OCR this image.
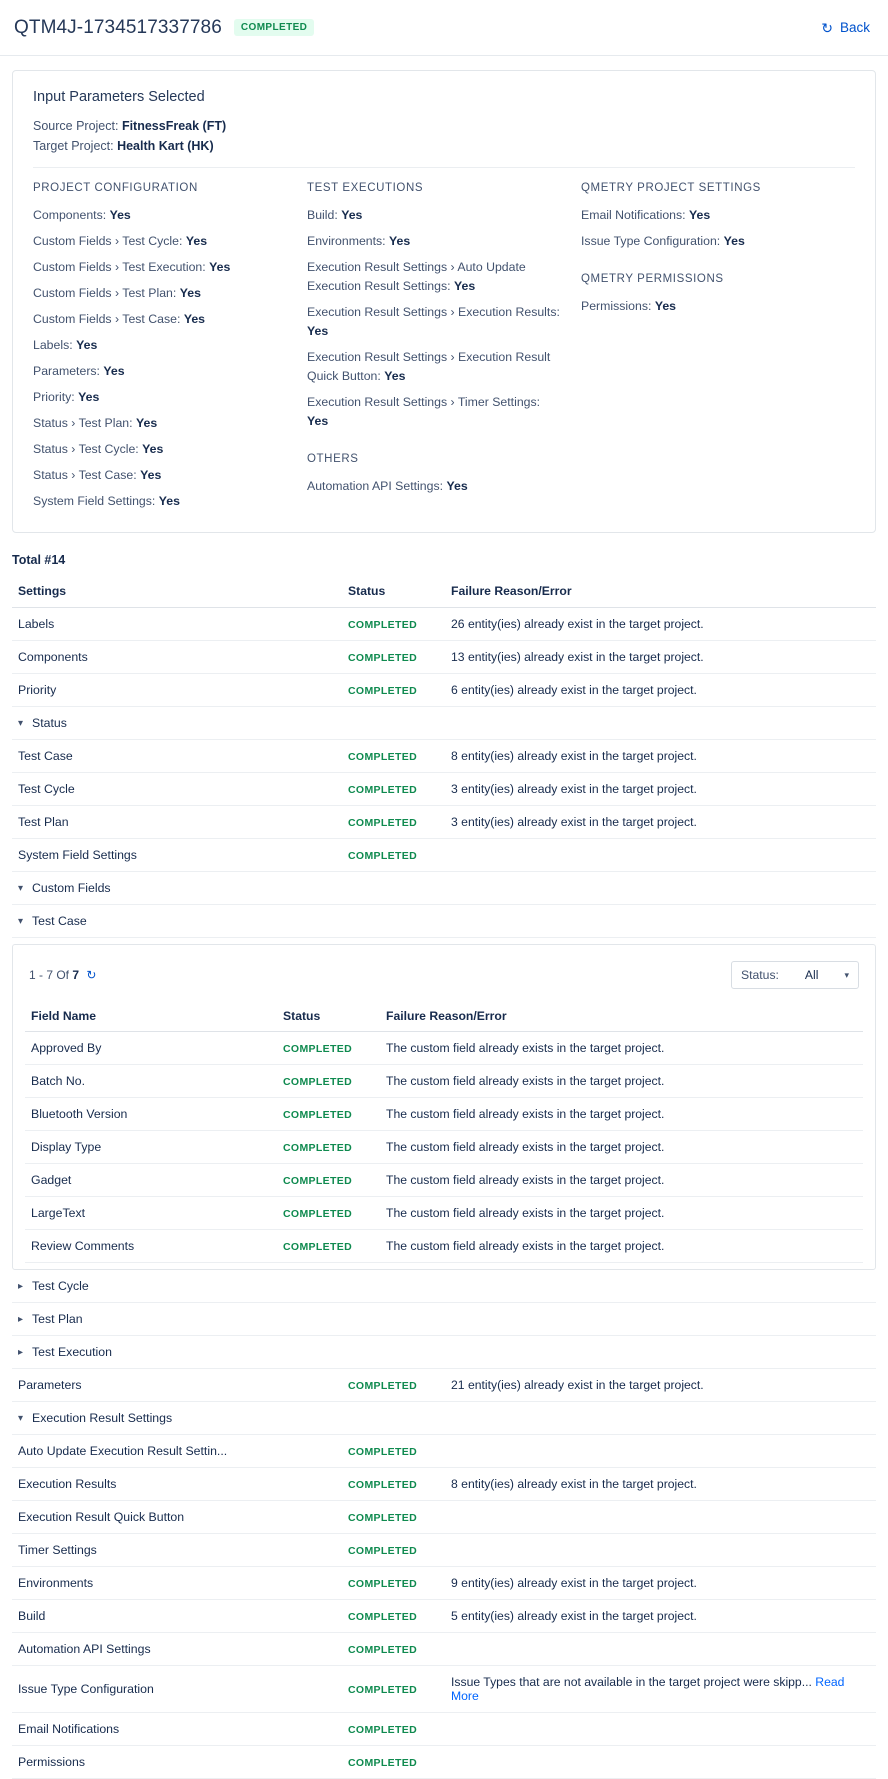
QTM4J-1734517337786	COMPLETED	↻ Back
Input Parameters Selected
Source Project: FitnessFreak (FT)
Target Project: Health Kart (HK)
PROJECT CONFIGURATION
Components: Yes
Custom Fields › Test Cycle: Yes
Custom Fields › Test Execution: Yes
Custom Fields › Test Plan: Yes
Custom Fields › Test Case: Yes
Labels: Yes
Parameters: Yes
Priority: Yes
Status › Test Plan: Yes
Status › Test Cycle: Yes
Status › Test Case: Yes
System Field Settings: Yes
TEST EXECUTIONS
Build: Yes
Environments: Yes
Execution Result Settings › Auto Update Execution Result Settings: Yes
Execution Result Settings › Execution Results: Yes
Execution Result Settings › Execution Result Quick Button: Yes
Execution Result Settings › Timer Settings: Yes
OTHERS
Automation API Settings: Yes
QMETRY PROJECT SETTINGS
Email Notifications: Yes
Issue Type Configuration: Yes
QMETRY PERMISSIONS
Permissions: Yes
Total #14
Settings	Status	Failure Reason/Error
Labels	COMPLETED	26 entity(ies) already exist in the target project.
Components	COMPLETED	13 entity(ies) already exist in the target project.
Priority	COMPLETED	6 entity(ies) already exist in the target project.
▾ Status		
Test Case	COMPLETED	8 entity(ies) already exist in the target project.
Test Cycle	COMPLETED	3 entity(ies) already exist in the target project.
Test Plan	COMPLETED	3 entity(ies) already exist in the target project.
System Field Settings	COMPLETED	
▾ Custom Fields		
▾ Test Case		
1 - 7 Of 7 ↻	Status: All	▾
Field Name	Status	Failure Reason/Error
Approved By	COMPLETED	The custom field already exists in the target project.
Batch No.	COMPLETED	The custom field already exists in the target project.
Bluetooth Version	COMPLETED	The custom field already exists in the target project.
Display Type	COMPLETED	The custom field already exists in the target project.
Gadget	COMPLETED	The custom field already exists in the target project.
LargeText	COMPLETED	The custom field already exists in the target project.
Review Comments	COMPLETED	The custom field already exists in the target project.
▸ Test Cycle		
▸ Test Plan		
▸ Test Execution		
Parameters	COMPLETED	21 entity(ies) already exist in the target project.
▾ Execution Result Settings		
Auto Update Execution Result Settin...	COMPLETED	
Execution Results	COMPLETED	8 entity(ies) already exist in the target project.
Execution Result Quick Button	COMPLETED	
Timer Settings	COMPLETED	
Environments	COMPLETED	9 entity(ies) already exist in the target project.
Build	COMPLETED	5 entity(ies) already exist in the target project.
Automation API Settings	COMPLETED	
Issue Type Configuration	COMPLETED	Issue Types that are not available in the target project were skipp... Read More
Email Notifications	COMPLETED	
Permissions	COMPLETED	
